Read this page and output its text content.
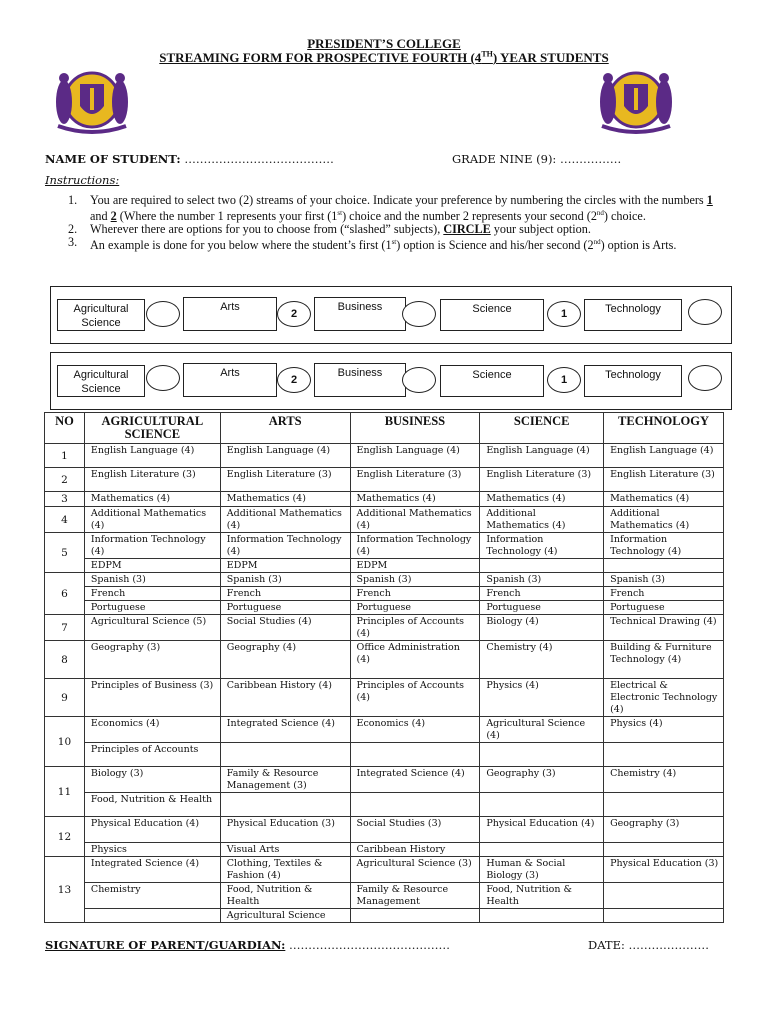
PRESIDENT’S COLLEGE
STREAMING FORM FOR PROSPECTIVE FOURTH (4TH) YEAR STUDENTS
NAME OF STUDENT: …………………………………	GRADE NINE (9): …………….
Instructions:
1. You are required to select two (2) streams of your choice. Indicate your preference by numbering the circles with the numbers 1 and 2 (Where the number 1 represents your first (1st) choice and the number 2 represents your second (2nd) choice.
2. Wherever there are options for you to choose from (“slashed” subjects), CIRCLE your subject option.
3. An example is done for you below where the student’s first (1st) option is Science and his/her second (2nd) option is Arts.
Agricultural Science
Arts
2
Business	Science	1	Technology
Agricultural Science
Arts
2
Business	Science	1	Technology
NO	AGRICULTURAL SCIENCE	ARTS	BUSINESS	SCIENCE	TECHNOLOGY
1	English Language (4)	English Language (4)	English Language (4)	English Language (4)	English Language (4)
2	English Literature (3)	English Literature (3)	English Literature (3)	English Literature (3)	English Literature (3)
3	Mathematics (4)	Mathematics (4)	Mathematics (4)	Mathematics (4)	Mathematics (4)
4	Additional Mathematics (4)	Additional Mathematics (4)	Additional Mathematics (4)	Additional Mathematics (4)	Additional Mathematics (4)
5	Information Technology (4)	Information Technology (4)	Information Technology (4)	Information Technology (4)	Information Technology (4)
	EDPM	EDPM	EDPM		
6	Spanish (3)	Spanish (3)	Spanish (3)	Spanish (3)	Spanish (3)
	French	French	French	French	French
	Portuguese	Portuguese	Portuguese	Portuguese	Portuguese
7	Agricultural Science (5)	Social Studies (4)	Principles of Accounts (4)	Biology (4)	Technical Drawing (4)
8	Geography (3)	Geography (4)	Office Administration (4)	Chemistry (4)	Building & Furniture Technology (4)
9	Principles of Business (3)	Caribbean History (4)	Principles of Accounts (4)	Physics (4)	Electrical & Electronic Technology (4)
10	Economics (4)	Integrated Science (4)	Economics (4)	Agricultural Science (4)	Physics (4)
	Principles of Accounts				
11	Biology (3)	Family & Resource Management (3)	Integrated Science (4)	Geography (3)	Chemistry (4)
	Food, Nutrition & Health				
12	Physical Education (4)	Physical Education (3)	Social Studies (3)	Physical Education (4)	Geography (3)
	Physics	Visual Arts	Caribbean History		
13	Integrated Science (4)	Clothing, Textiles & Fashion (4)	Agricultural Science (3)	Human & Social Biology (3)	Physical Education (3)
	Chemistry	Food, Nutrition & Health	Family & Resource Management	Food, Nutrition & Health	
		Agricultural Science			
SIGNATURE OF PARENT/GUARDIAN: ……………………………………	DATE: …………………
